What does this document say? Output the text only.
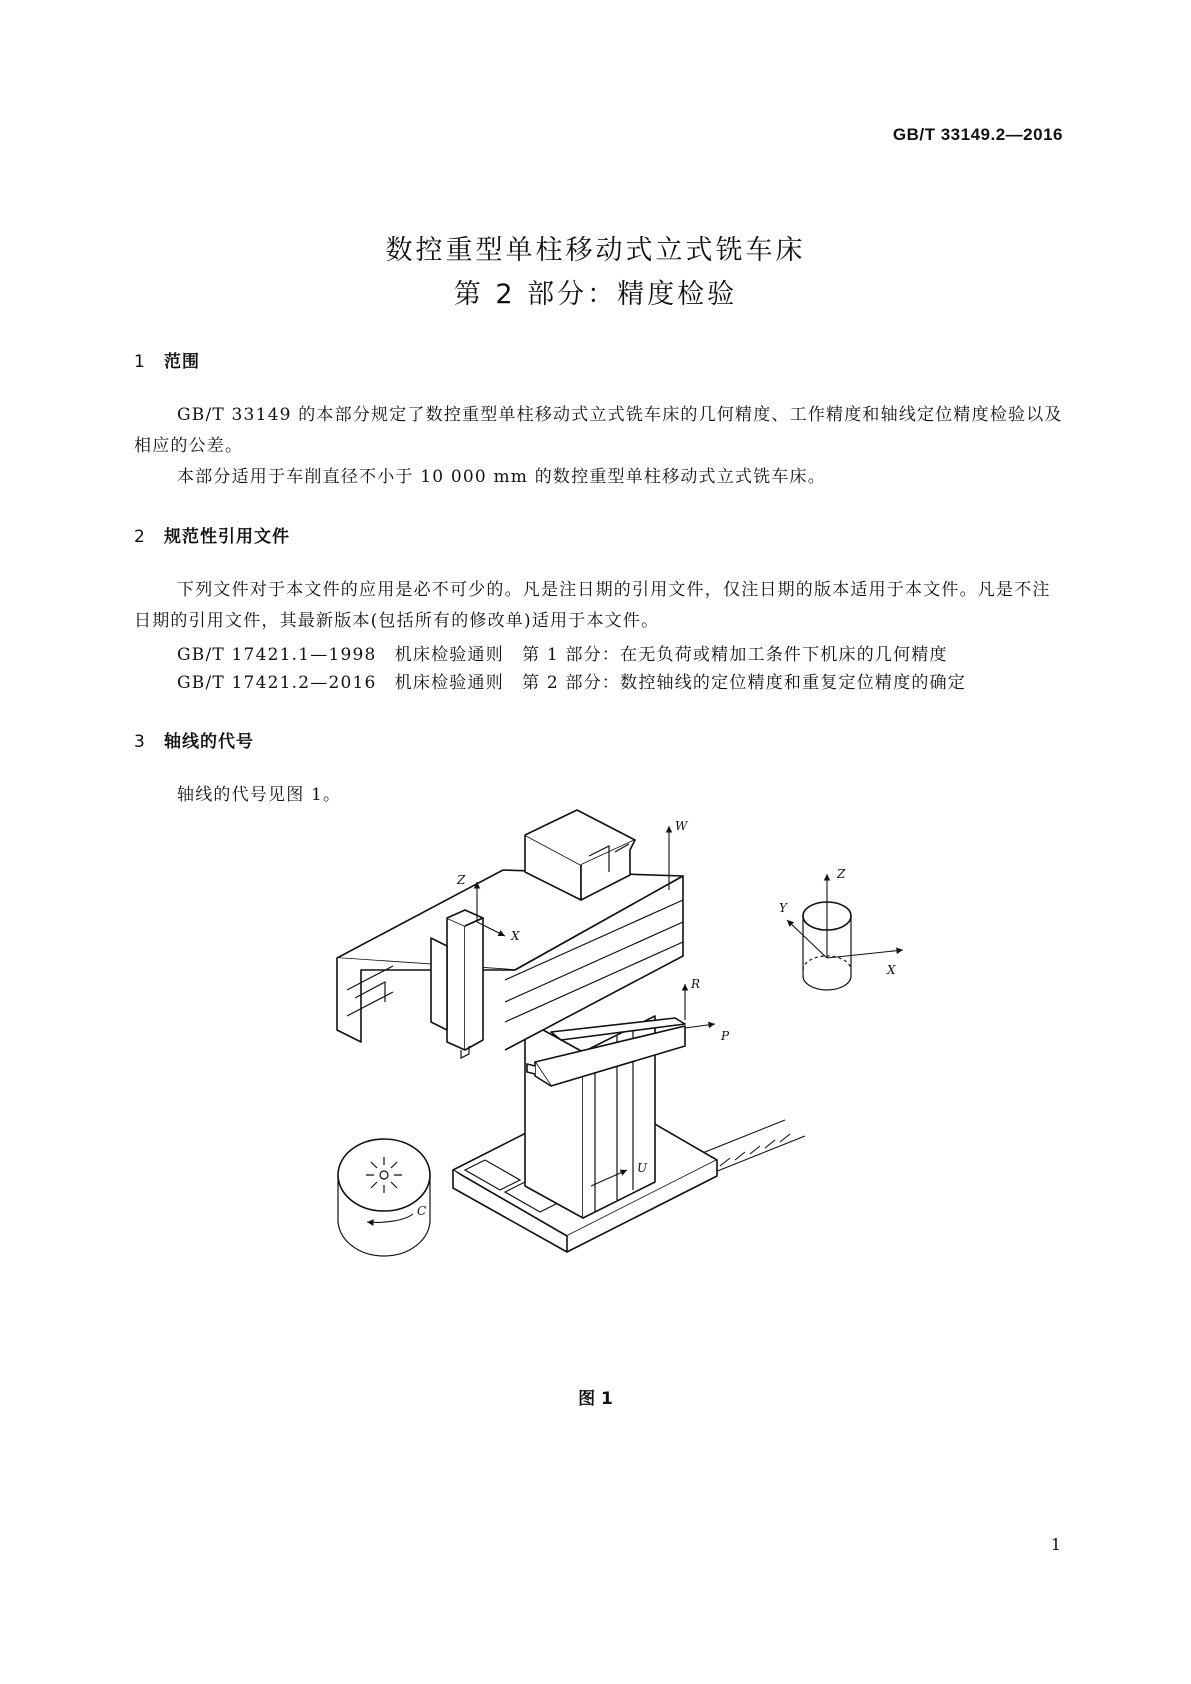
GB/T 33149.2—2016
数控重型单柱移动式立式铣车床
第 2 部分：精度检验
1 范围

GB/T 33149 的本部分规定了数控重型单柱移动式立式铣车床的几何精度、工作精度和轴线定位精度检验以及相应的公差。

本部分适用于车削直径不小于 10 000 mm 的数控重型单柱移动式立式铣车床。

2 规范性引用文件

下列文件对于本文件的应用是必不可少的。凡是注日期的引用文件，仅注日期的版本适用于本文件。凡是不注日期的引用文件，其最新版本(包括所有的修改单)适用于本文件。

GB/T 17421.1—1998　机床检验通则　第 1 部分：在无负荷或精加工条件下机床的几何精度
GB/T 17421.2—2016　机床检验通则　第 2 部分：数控轴线的定位精度和重复定位精度的确定
3 轴线的代号

轴线的代号见图 1。

W
Z
X
R
P
U
C
Z
Y
X
图 1
1
